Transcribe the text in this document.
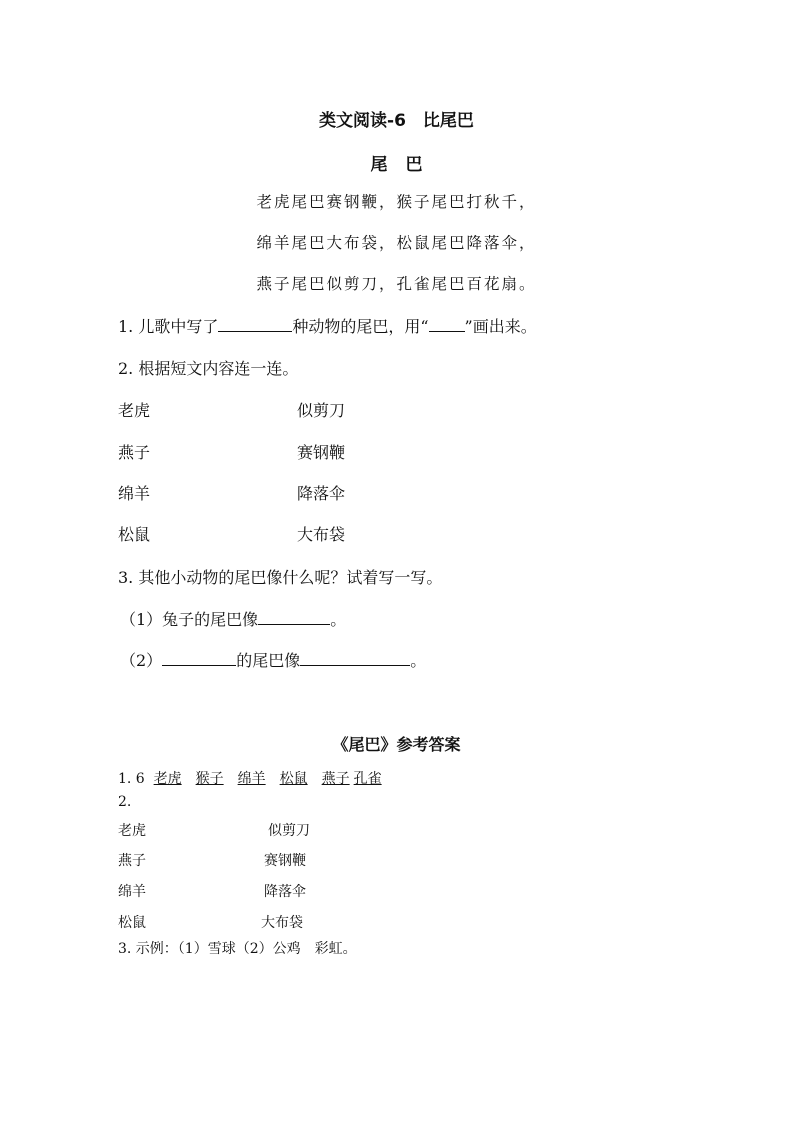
类文阅读-6　比尾巴
尾巴
老虎尾巴赛钢鞭，猴子尾巴打秋千，
绵羊尾巴大布袋，松鼠尾巴降落伞，
燕子尾巴似剪刀，孔雀尾巴百花扇。
1. 儿歌中写了	种动物的尾巴，用“ ”画出来。
2. 根据短文内容连一连。
老虎	似剪刀
燕子	赛钢鞭
绵羊	降落伞
松鼠	大布袋
3. 其他小动物的尾巴像什么呢？试着写一写。
（1）兔子的尾巴像	。
（2）	的尾巴像	。
《尾巴》参考答案
1. 6 老虎 猴子 绵羊 松鼠 燕子 孔雀
2.
老虎	似剪刀
燕子	赛钢鞭
绵羊	降落伞
松鼠	大布袋
3. 示例：（1）雪球（2）公鸡　彩虹。
